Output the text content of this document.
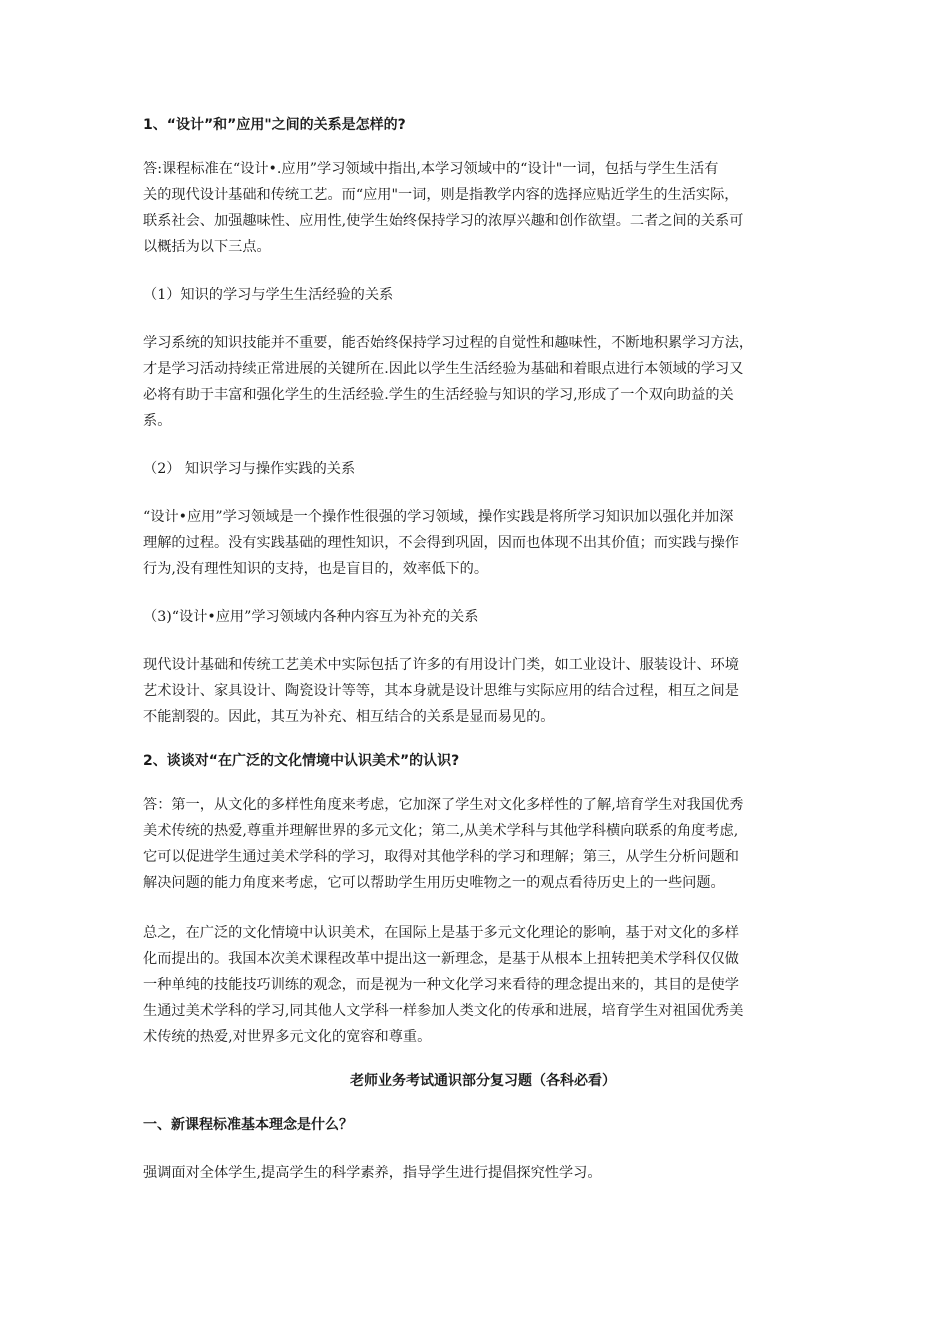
1、“设计”和”应用"之间的关系是怎样的?

答:课程标准在“设计•.应用”学习领域中指出,本学习领域中的“设计"一词，包括与学生生活有
关的现代设计基础和传统工艺。而“应用"一词，则是指教学内容的选择应贴近学生的生活实际，
联系社会、加强趣味性、应用性,使学生始终保持学习的浓厚兴趣和创作欲望。二者之间的关系可
以概括为以下三点。

（1）知识的学习与学生生活经验的关系

学习系统的知识技能并不重要，能否始终保持学习过程的自觉性和趣味性，不断地积累学习方法，
才是学习活动持续正常进展的关键所在.因此以学生生活经验为基础和着眼点进行本领域的学习又
必将有助于丰富和强化学生的生活经验.学生的生活经验与知识的学习,形成了一个双向助益的关
系。

（2） 知识学习与操作实践的关系

“设计•应用”学习领域是一个操作性很强的学习领域，操作实践是将所学习知识加以强化并加深
理解的过程。没有实践基础的理性知识，不会得到巩固，因而也体现不出其价值；而实践与操作
行为,没有理性知识的支持，也是盲目的，效率低下的。

（3)“设计•应用”学习领域内各种内容互为补充的关系

现代设计基础和传统工艺美术中实际包括了许多的有用设计门类，如工业设计、服装设计、环境
艺术设计、家具设计、陶瓷设计等等，其本身就是设计思维与实际应用的结合过程，相互之间是
不能割裂的。因此，其互为补充、相互结合的关系是显而易见的。

2、谈谈对“在广泛的文化情境中认识美术”的认识?

答：第一，从文化的多样性角度来考虑，它加深了学生对文化多样性的了解,培育学生对我国优秀
美术传统的热爱,尊重并理解世界的多元文化；第二,从美术学科与其他学科横向联系的角度考虑,
它可以促进学生通过美术学科的学习，取得对其他学科的学习和理解；第三，从学生分析问题和
解决问题的能力角度来考虑，它可以帮助学生用历史唯物之一的观点看待历史上的一些问题。

总之，在广泛的文化情境中认识美术，在国际上是基于多元文化理论的影响，基于对文化的多样
化而提出的。我国本次美术课程改革中提出这一新理念，是基于从根本上扭转把美术学科仅仅做
一种单纯的技能技巧训练的观念，而是视为一种文化学习来看待的理念提出来的，其目的是使学
生通过美术学科的学习,同其他人文学科一样参加人类文化的传承和进展，培育学生对祖国优秀美
术传统的热爱,对世界多元文化的宽容和尊重。

老师业务考试通识部分复习题（各科必看）

一、新课程标准基本理念是什么？

强调面对全体学生,提高学生的科学素养，指导学生进行提倡探究性学习。
